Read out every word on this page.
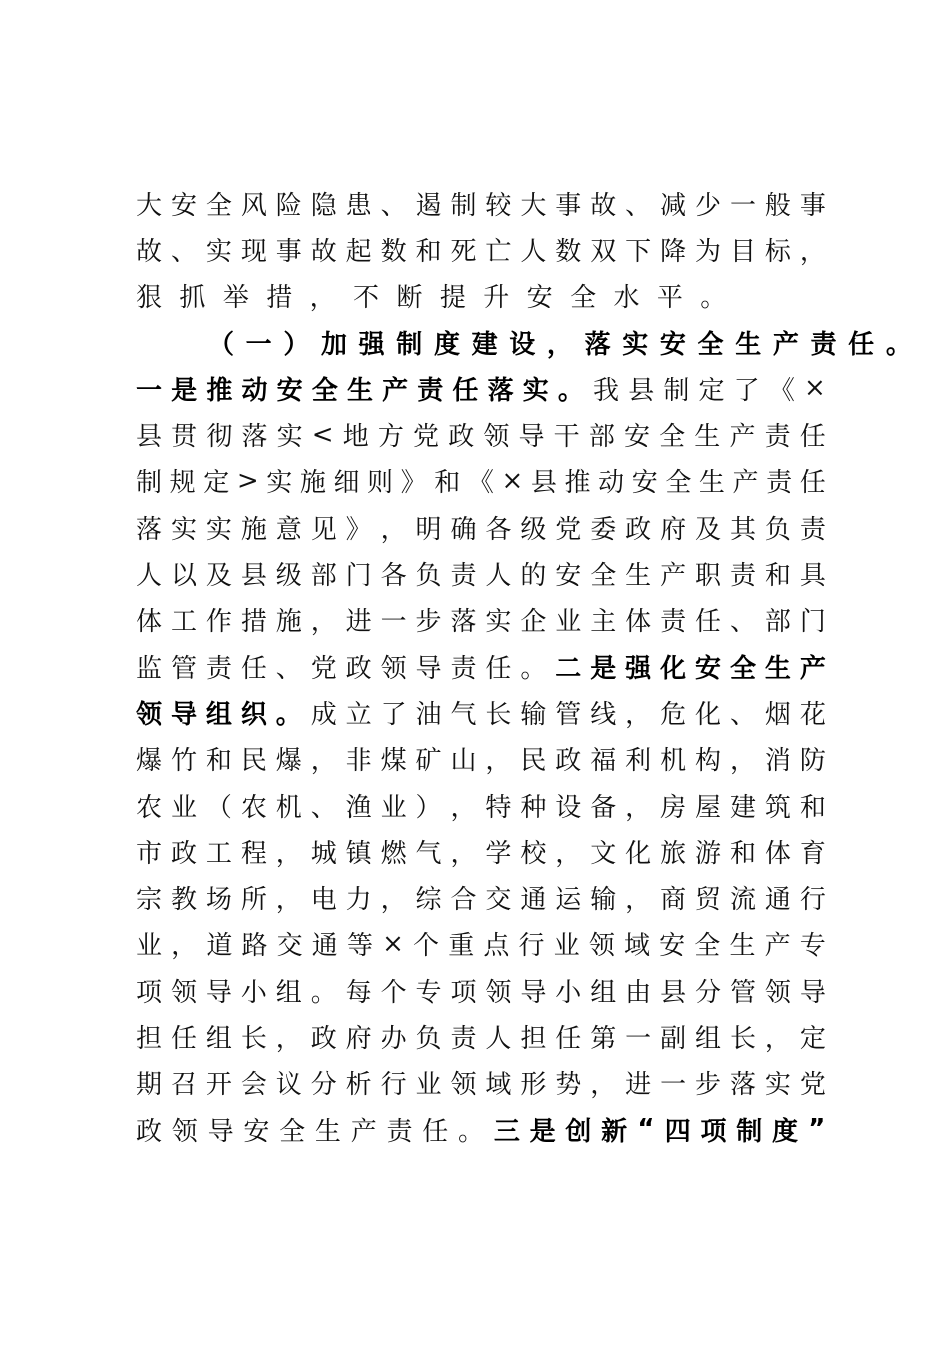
大 安 全 风 险 隐 患 、 遏 制 较 大 事 故 、 减 少 一 般 事
故 、 实 现 事 故 起 数 和 死 亡 人 数 双 下 降 为 目 标 ，
狠 抓 举 措 ， 不 断 提 升 安 全 水 平 。
（ 一 ） 加 强 制 度 建 设 ， 落 实 安 全 生 产 责 任 。
一 是 推 动 安 全 生 产 责 任 落 实 。 我 县 制 定 了 《 ×
县 贯 彻 落 实 < 地 方 党 政 领 导 干 部 安 全 生 产 责 任
制 规 定 > 实 施 细 则 》 和 《 × 县 推 动 安 全 生 产 责 任
落 实 实 施 意 见 》 ， 明 确 各 级 党 委 政 府 及 其 负 责
人 以 及 县 级 部 门 各 负 责 人 的 安 全 生 产 职 责 和 具
体 工 作 措 施 ， 进 一 步 落 实 企 业 主 体 责 任 、 部 门
监 管 责 任 、 党 政 领 导 责 任 。 二 是 强 化 安 全 生 产
领 导 组 织 。 成 立 了 油 气 长 输 管 线 ， 危 化 、 烟 花
爆 竹 和 民 爆 ， 非 煤 矿 山 ， 民 政 福 利 机 构 ， 消 防
农 业 （ 农 机 、 渔 业 ） ， 特 种 设 备 ， 房 屋 建 筑 和
市 政 工 程 ， 城 镇 燃 气 ， 学 校 ， 文 化 旅 游 和 体 育
宗 教 场 所 ， 电 力 ， 综 合 交 通 运 输 ， 商 贸 流 通 行
业 ， 道 路 交 通 等 × 个 重 点 行 业 领 域 安 全 生 产 专
项 领 导 小 组 。 每 个 专 项 领 导 小 组 由 县 分 管 领 导
担 任 组 长 ， 政 府 办 负 责 人 担 任 第 一 副 组 长 ， 定
期 召 开 会 议 分 析 行 业 领 域 形 势 ， 进 一 步 落 实 党
政 领 导 安 全 生 产 责 任 。 三 是 创 新 “ 四 项 制 度 ”
